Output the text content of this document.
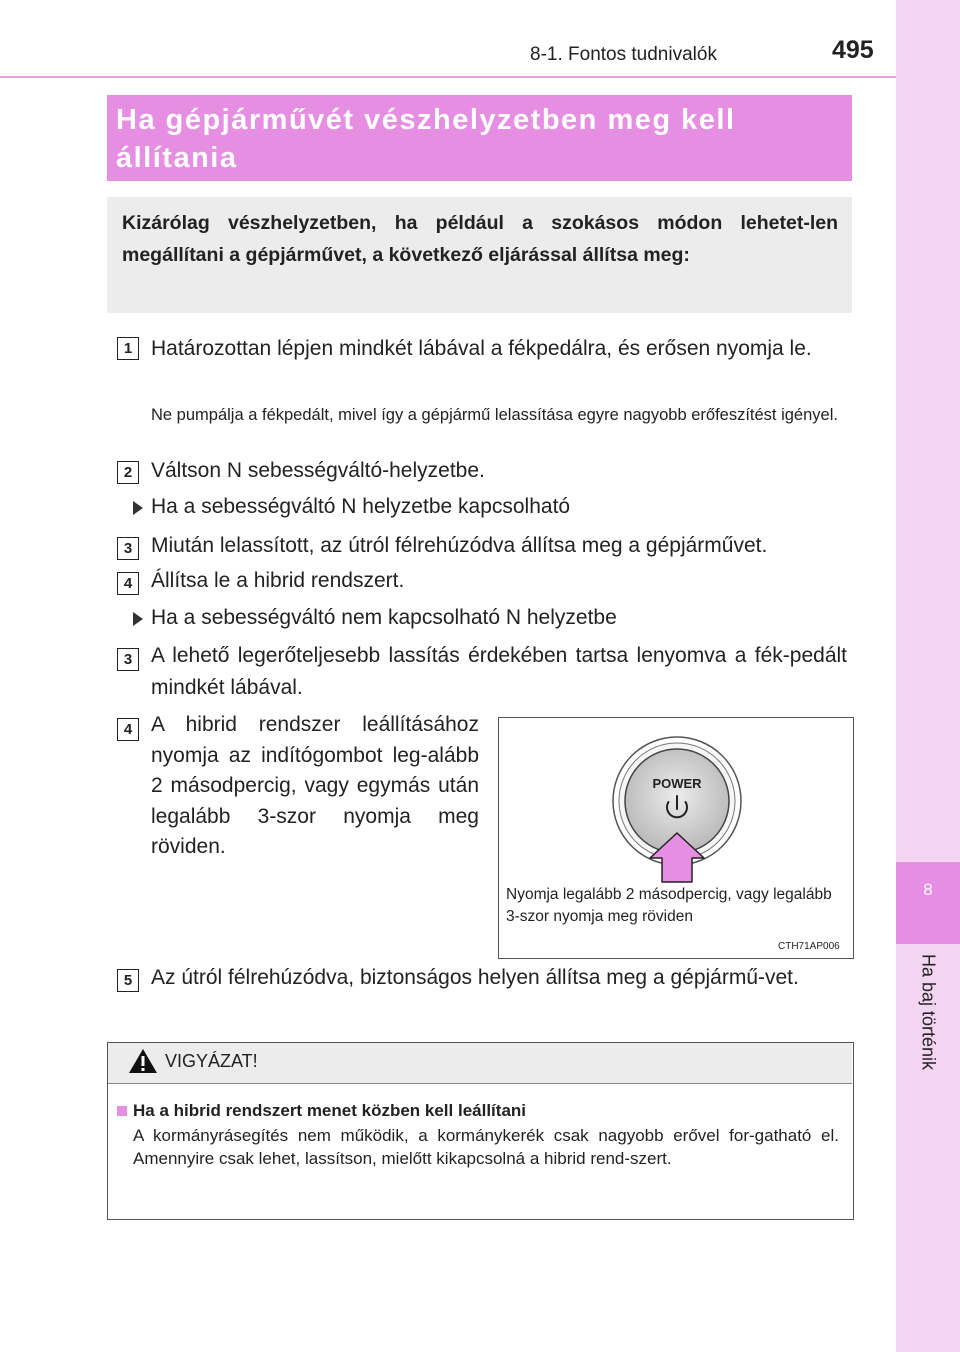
8-1. Fontos tudnivalók	495
8
Ha baj történik
Ha gépjárművét vészhelyzetben meg kell állítania
Kizárólag vészhelyzetben, ha például a szokásos módon lehetet-len megállítani a gépjárművet, a következő eljárással állítsa meg:
1 Határozottan lépjen mindkét lábával a fékpedálra, és erősen nyomja le.
Ne pumpálja a fékpedált, mivel így a gépjármű lelassítása egyre nagyobb erőfeszítést igényel.
2 Váltson N sebességváltó-helyzetbe.
Ha a sebességváltó N helyzetbe kapcsolható
3 Miután lelassított, az útról félrehúzódva állítsa meg a gépjárművet.
4 Állítsa le a hibrid rendszert.
Ha a sebességváltó nem kapcsolható N helyzetbe
3 A lehető legerőteljesebb lassítás érdekében tartsa lenyomva a fék-pedált mindkét lábával.
4 A hibrid rendszer leállításához nyomja az indítógombot leg-alább 2 másodpercig, vagy egymás után legalább 3-szor nyomja meg röviden.
POWER
Nyomja legalább 2 másodpercig, vagy legalább 3-szor nyomja meg röviden
CTH71AP006
5 Az útról félrehúzódva, biztonságos helyen állítsa meg a gépjármű-vet.
VIGYÁZAT!
Ha a hibrid rendszert menet közben kell leállítani
A kormányrásegítés nem működik, a kormánykerék csak nagyobb erővel for-gatható el. Amennyire csak lehet, lassítson, mielőtt kikapcsolná a hibrid rend-szert.
